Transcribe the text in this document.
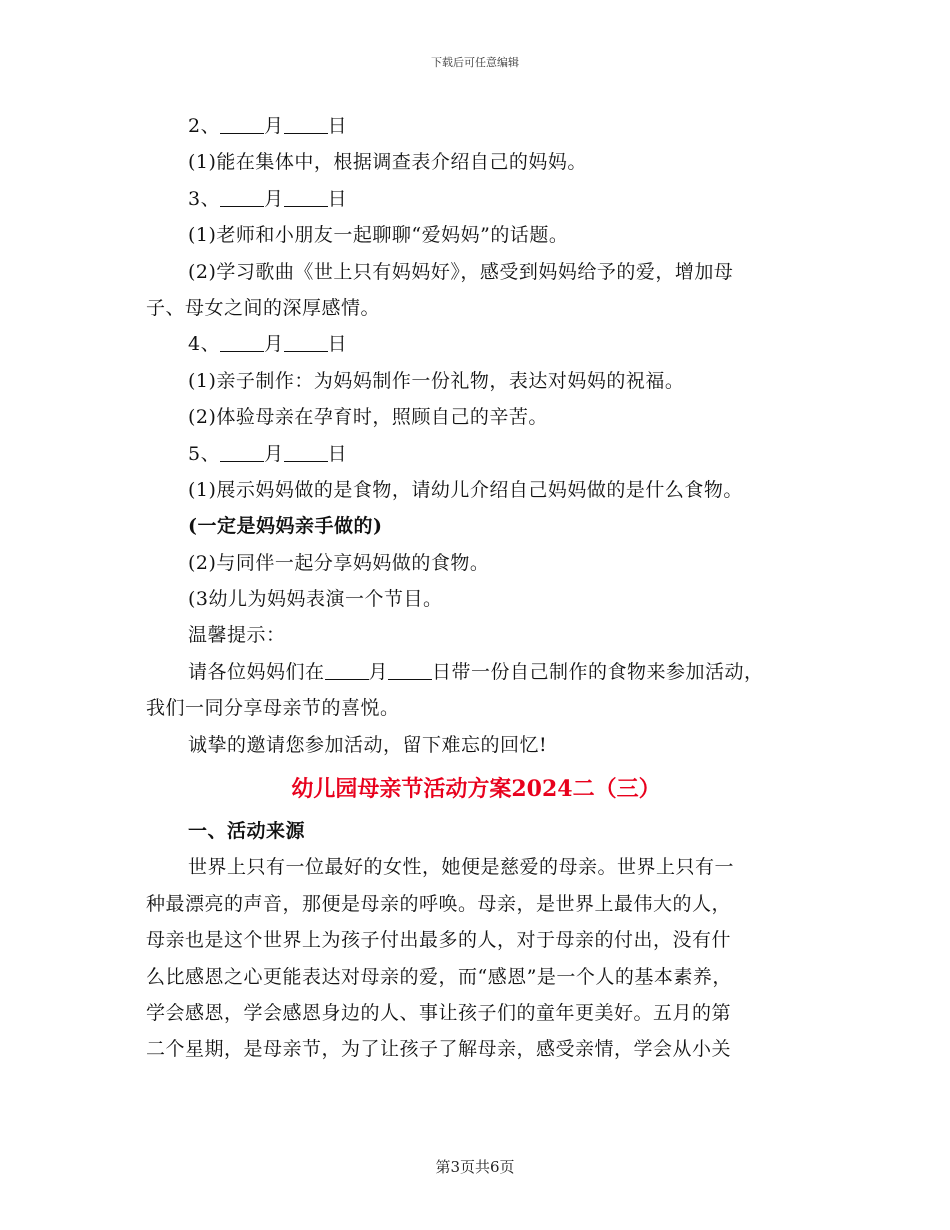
下载后可任意编辑
2、 月 日
(1)能在集体中，根据调查表介绍自己的妈妈。
3、 月 日
(1)老师和小朋友一起聊聊“爱妈妈”的话题。
(2)学习歌曲《世上只有妈妈好》，感受到妈妈给予的爱，增加母
子、母女之间的深厚感情。
4、 月 日
(1)亲子制作：为妈妈制作一份礼物，表达对妈妈的祝福。
(2)体验母亲在孕育时，照顾自己的辛苦。
5、 月 日
(1)展示妈妈做的是食物，请幼儿介绍自己妈妈做的是什么食物。
(一定是妈妈亲手做的)
(2)与同伴一起分享妈妈做的食物。
(3幼儿为妈妈表演一个节目。
温馨提示：
请各位妈妈们在 月 日带一份自己制作的食物来参加活动，
我们一同分享母亲节的喜悦。
诚挚的邀请您参加活动，留下难忘的回忆!
幼儿园母亲节活动方案2024二（三）
一、活动来源
世界上只有一位最好的女性，她便是慈爱的母亲。世界上只有一
种最漂亮的声音，那便是母亲的呼唤。母亲，是世界上最伟大的人，
母亲也是这个世界上为孩子付出最多的人，对于母亲的付出，没有什
么比感恩之心更能表达对母亲的爱，而“感恩”是一个人的基本素养，
学会感恩，学会感恩身边的人、事让孩子们的童年更美好。五月的第
二个星期，是母亲节，为了让孩子了解母亲，感受亲情，学会从小关
第3页共6页
